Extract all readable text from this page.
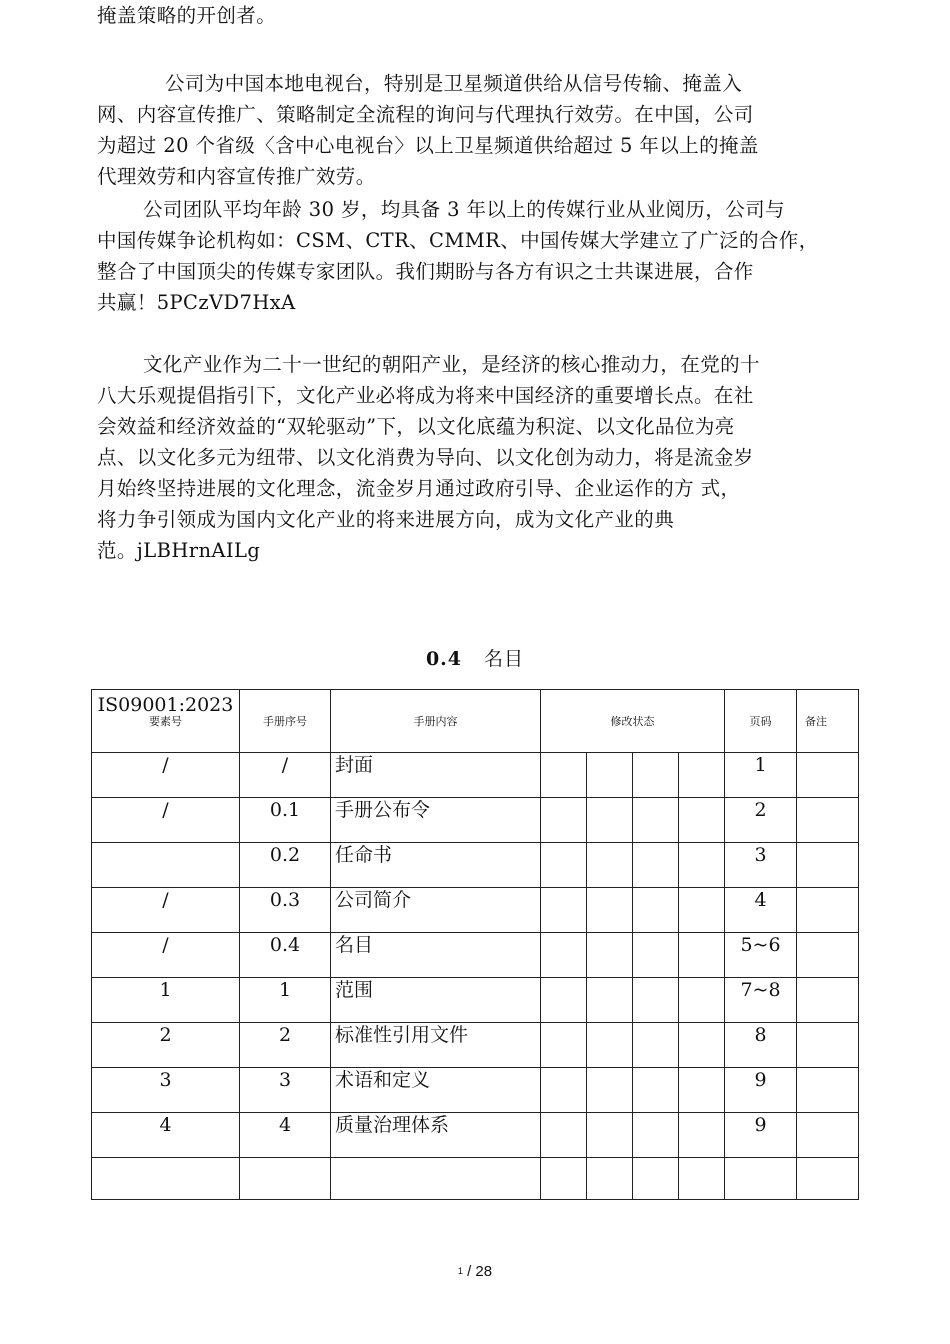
掩盖策略的开创者。
公司为中国本地电视台，特别是卫星频道供给从信号传输、掩盖入
网、内容宣传推广、策略制定全流程的询问与代理执行效劳。在中国，公司
为超过 20 个省级〈含中心电视台〉以上卫星频道供给超过 5 年以上的掩盖
代理效劳和内容宣传推广效劳。
公司团队平均年龄 30 岁，均具备 3 年以上的传媒行业从业阅历，公司与
中国传媒争论机构如：CSM、CTR、CMMR、中国传媒大学建立了广泛的合作，
整合了中国顶尖的传媒专家团队。我们期盼与各方有识之士共谋进展，合作
共赢！5PCzVD7HxA
文化产业作为二十一世纪的朝阳产业，是经济的核心推动力，在党的十
八大乐观提倡指引下，文化产业必将成为将来中国经济的重要增长点。在社
会效益和经济效益的“双轮驱动”下，以文化底蕴为积淀、以文化品位为亮
点、以文化多元为纽带、以文化消费为导向、以文化创为动力，将是流金岁
月始终坚持进展的文化理念，流金岁月通过政府引导、企业运作的方 式，
将力争引领成为国内文化产业的将来进展方向，成为文化产业的典
范。jLBHrnAILg
0.4 名目
IS09001:2023
要素号	手册序号	手册内容	修改状态				页码	备注
/	/	封面					1	
/	0.1	手册公布令					2	
	0.2	任命书					3	
/	0.3	公司简介					4	
/	0.4	名目					5~6	
1	1	范围					7~8	
2	2	标准性引用文件					8	
3	3	术语和定义					9	
4	4	质量治理体系					9	

1 / 28
